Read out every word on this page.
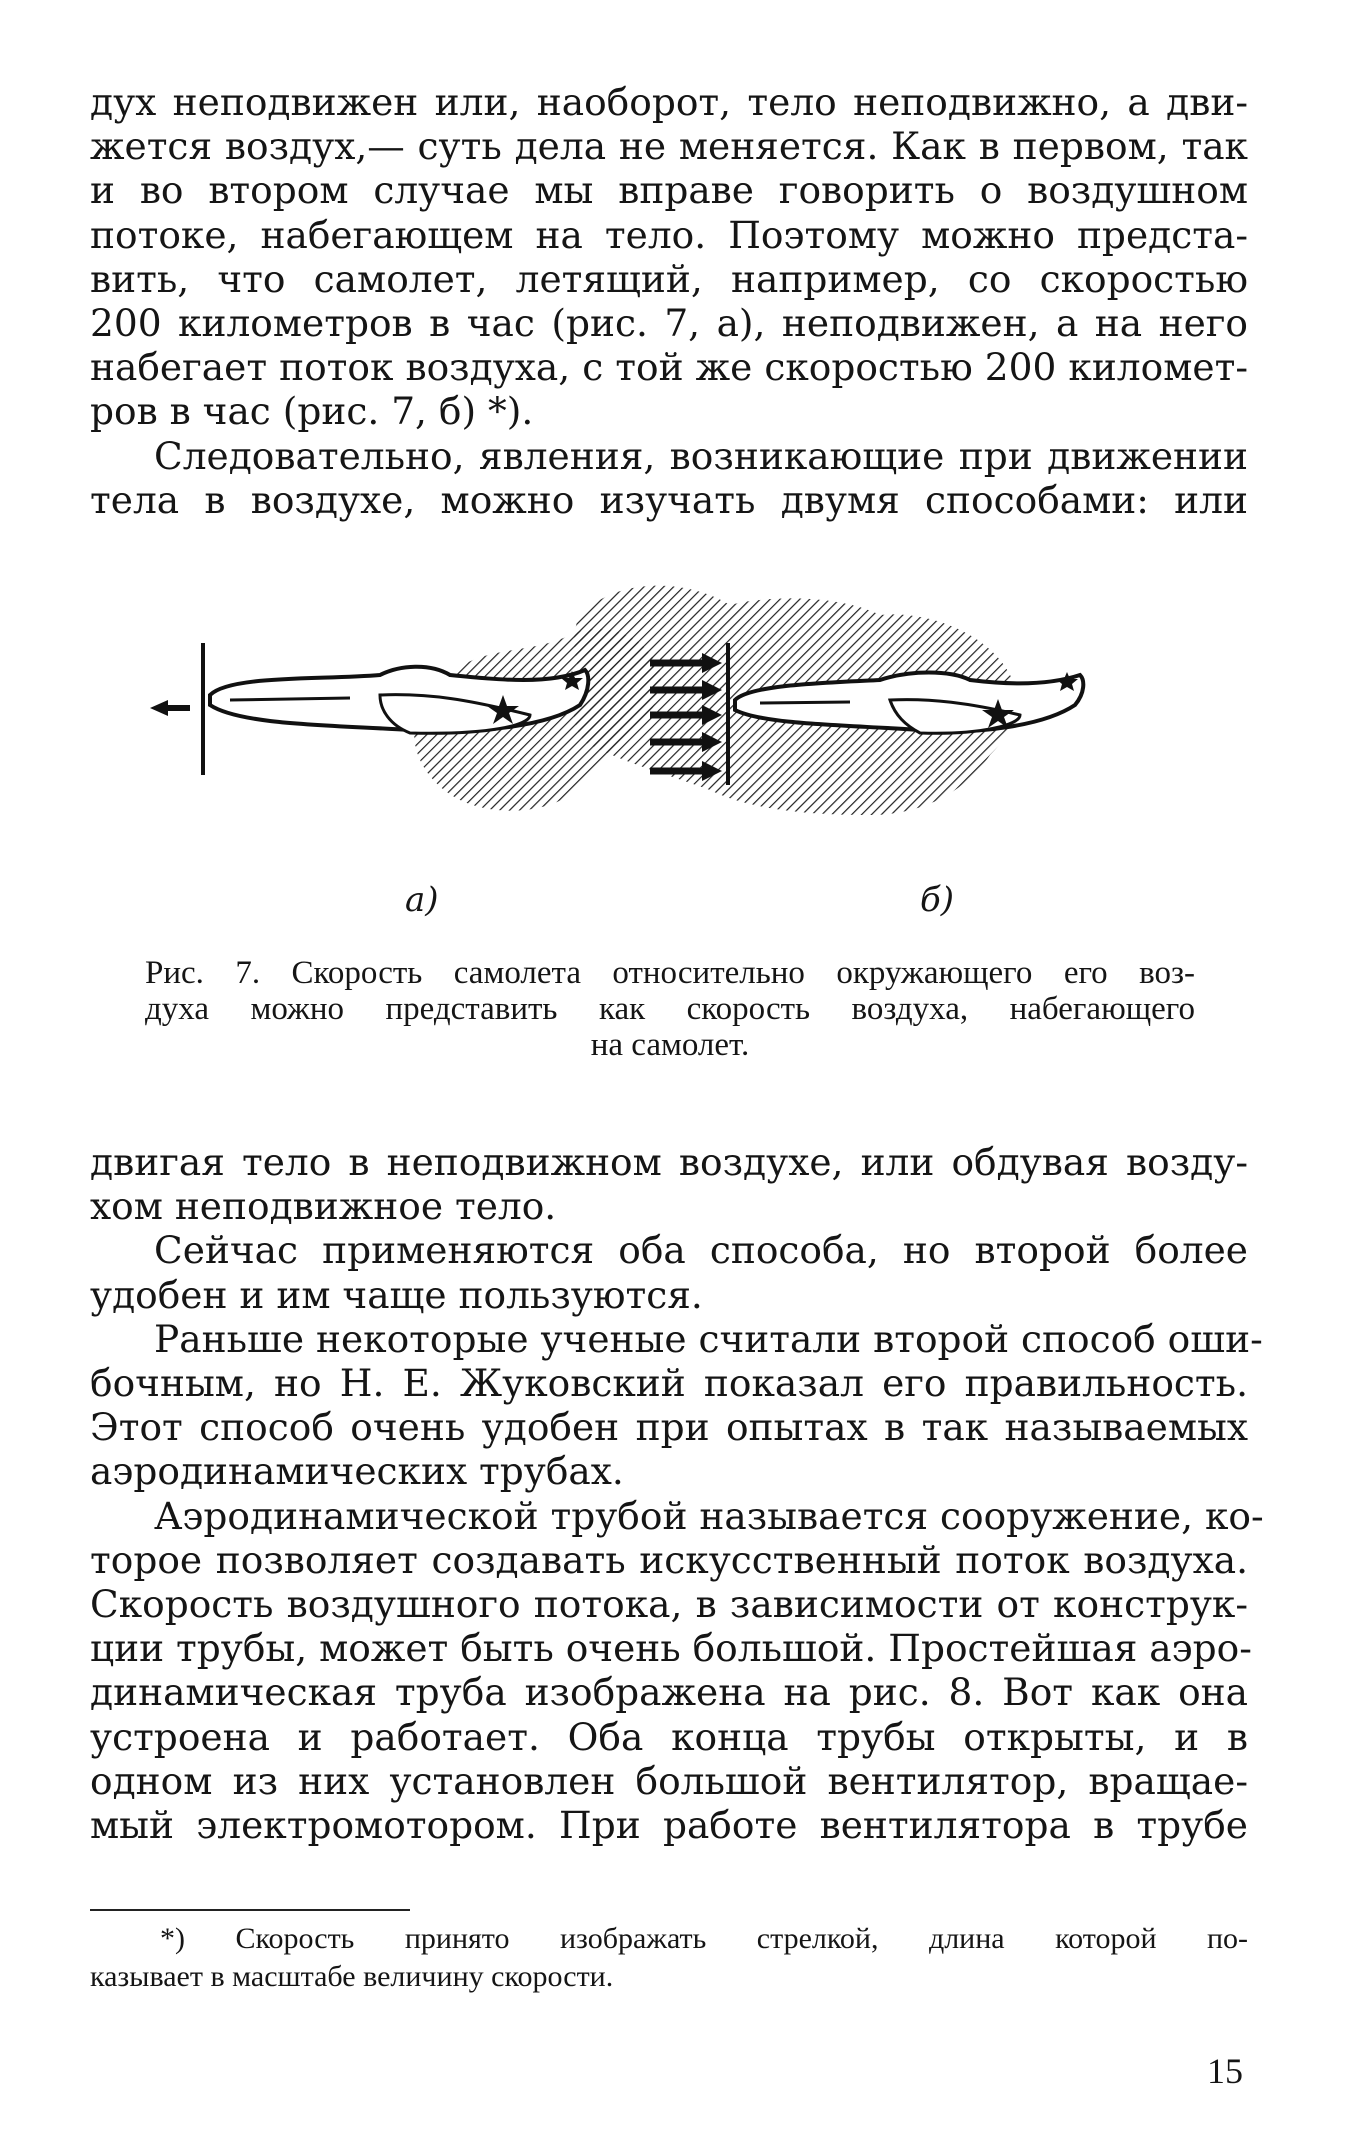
дух неподвижен или, наоборот, тело неподвижно, а дви-
жется воздух,— суть дела не меняется. Как в первом, так
и во втором случае мы вправе говорить о воздушном
потоке, набегающем на тело. Поэтому можно предста-
вить, что самолет, летящий, например, со скоростью
200 километров в час (рис. 7, а), неподвижен, а на него
набегает поток воздуха, с той же скоростью 200 километ-
ров в час (рис. 7, б) *).
Следовательно, явления, возникающие при движении
тела в воздухе, можно изучать двумя способами: или
а)	б)
Рис. 7. Скорость самолета относительно окружающего его воз-
духа можно представить как скорость воздуха, набегающего
на самолет.
двигая тело в неподвижном воздухе, или обдувая возду-
хом неподвижное тело.
Сейчас применяются оба способа, но второй более
удобен и им чаще пользуются.
Раньше некоторые ученые считали второй способ оши-
бочным, но Н. Е. Жуковский показал его правильность.
Этот способ очень удобен при опытах в так называемых
аэродинамических трубах.
Аэродинамической трубой называется сооружение, ко-
торое позволяет создавать искусственный поток воздуха.
Скорость воздушного потока, в зависимости от конструк-
ции трубы, может быть очень большой. Простейшая аэро-
динамическая труба изображена на рис. 8. Вот как она
устроена и работает. Оба конца трубы открыты, и в
одном из них установлен большой вентилятор, вращае-
мый электромотором. При работе вентилятора в трубе
*) Скорость принято изображать стрелкой, длина которой по-
казывает в масштабе величину скорости.
15
